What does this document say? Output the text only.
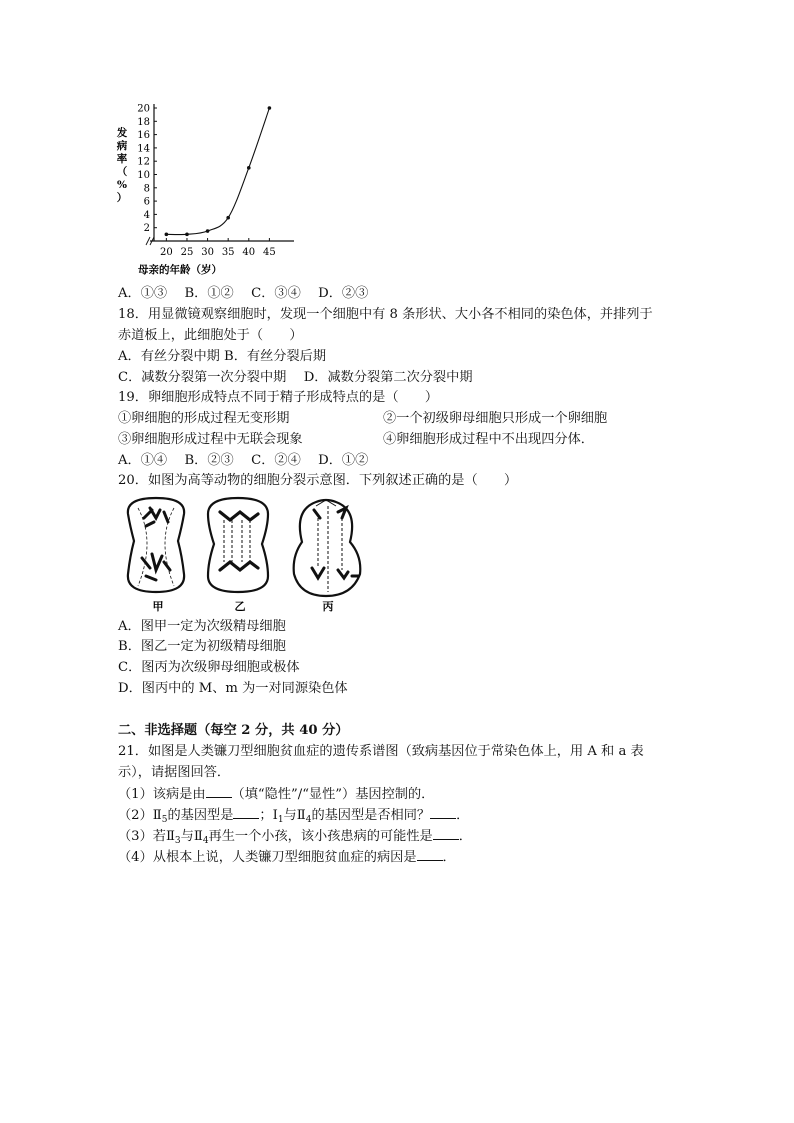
2
4
6
8
10
12
14
16
18
20
20 25 30 35 40 45
发病率（%）
母亲的年龄（岁）
A．①③　 B．①②　 C．③④　 D．②③
18．用显微镜观察细胞时，发现一个细胞中有 8 条形状、大小各不相同的染色体，并排列于
赤道板上，此细胞处于（　　）
A．有丝分裂中期 B．有丝分裂后期
C．减数分裂第一次分裂中期　 D．减数分裂第二次分裂中期
19．卵细胞形成特点不同于精子形成特点的是（　　）
①卵细胞的形成过程无变形期	②一个初级卵母细胞只形成一个卵细胞
③卵细胞形成过程中无联会现象	④卵细胞形成过程中不出现四分体．
A．①④　 B．②③　 C．②④　 D．①②
20．如图为高等动物的细胞分裂示意图．下列叙述正确的是（　　）
甲	乙	丙
A．图甲一定为次级精母细胞
B．图乙一定为初级精母细胞
C．图丙为次级卵母细胞或极体
D．图丙中的 M、m 为一对同源染色体
二、非选择题（每空 2 分，共 40 分）
21．如图是人类镰刀型细胞贫血症的遗传系谱图（致病基因位于常染色体上，用 A 和 a 表
示），请据图回答．
（1）该病是由 （填“隐性”/“显性”）基因控制的．
$(2)Ⅱ_5$的基因型是 ；$Ⅰ_1$与$Ⅱ_4$的基因型是否相同？ ．
（3）若$Ⅱ_3$与$Ⅱ_4$再生一个小孩，该小孩患病的可能性是 ．
（4）从根本上说，人类镰刀型细胞贫血症的病因是 ．
